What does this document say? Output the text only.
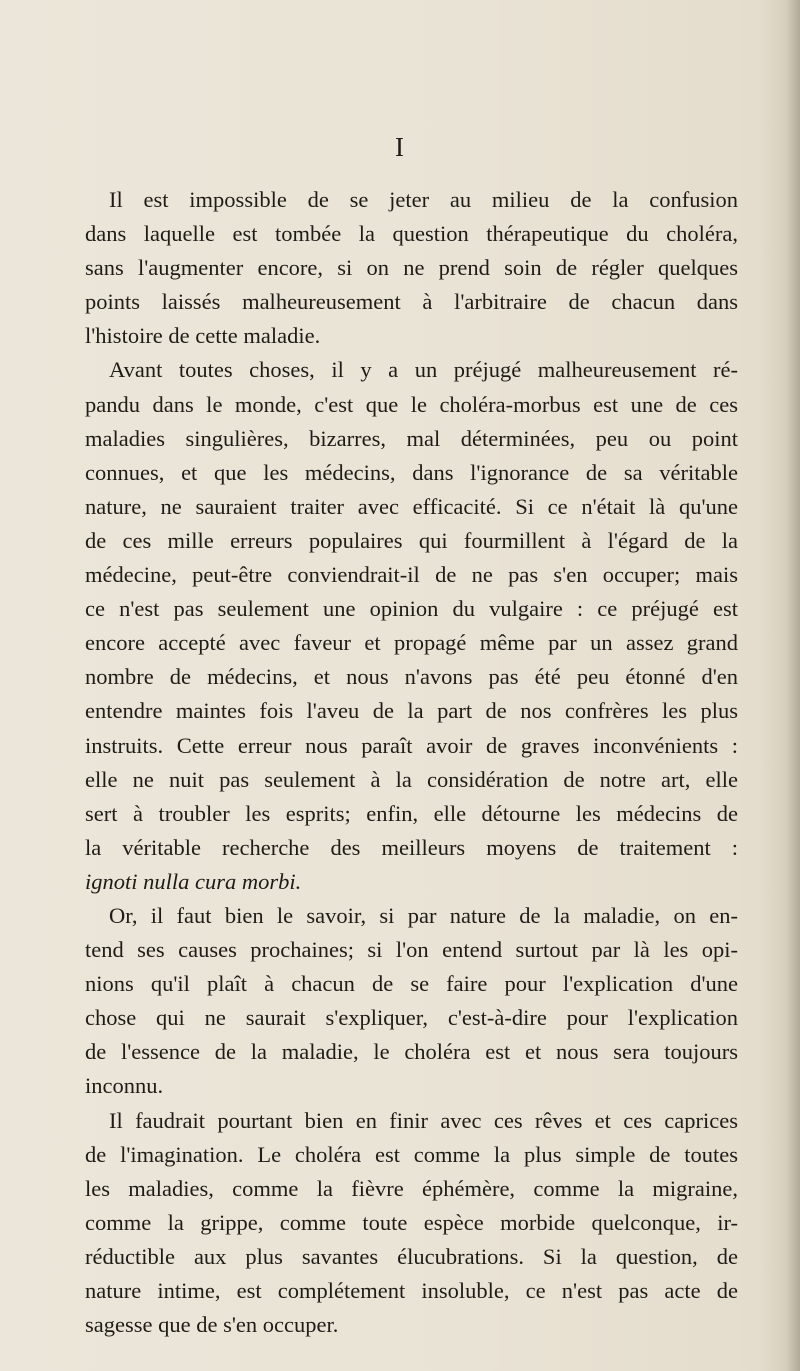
I
Il est impossible de se jeter au milieu de la confusion
dans laquelle est tombée la question thérapeutique du choléra,
sans l'augmenter encore, si on ne prend soin de régler quelques
points laissés malheureusement à l'arbitraire de chacun dans
l'histoire de cette maladie.
Avant toutes choses, il y a un préjugé malheureusement ré-
pandu dans le monde, c'est que le choléra-morbus est une de ces
maladies singulières, bizarres, mal déterminées, peu ou point
connues, et que les médecins, dans l'ignorance de sa véritable
nature, ne sauraient traiter avec efficacité. Si ce n'était là qu'une
de ces mille erreurs populaires qui fourmillent à l'égard de la
médecine, peut-être conviendrait-il de ne pas s'en occuper; mais
ce n'est pas seulement une opinion du vulgaire : ce préjugé est
encore accepté avec faveur et propagé même par un assez grand
nombre de médecins, et nous n'avons pas été peu étonné d'en
entendre maintes fois l'aveu de la part de nos confrères les plus
instruits. Cette erreur nous paraît avoir de graves inconvénients :
elle ne nuit pas seulement à la considération de notre art, elle
sert à troubler les esprits; enfin, elle détourne les médecins de
la véritable recherche des meilleurs moyens de traitement :
ignoti nulla cura morbi.
Or, il faut bien le savoir, si par nature de la maladie, on en-
tend ses causes prochaines; si l'on entend surtout par là les opi-
nions qu'il plaît à chacun de se faire pour l'explication d'une
chose qui ne saurait s'expliquer, c'est-à-dire pour l'explication
de l'essence de la maladie, le choléra est et nous sera toujours
inconnu.
Il faudrait pourtant bien en finir avec ces rêves et ces caprices
de l'imagination. Le choléra est comme la plus simple de toutes
les maladies, comme la fièvre éphémère, comme la migraine,
comme la grippe, comme toute espèce morbide quelconque, ir-
réductible aux plus savantes élucubrations. Si la question, de
nature intime, est complétement insoluble, ce n'est pas acte de
sagesse que de s'en occuper.
